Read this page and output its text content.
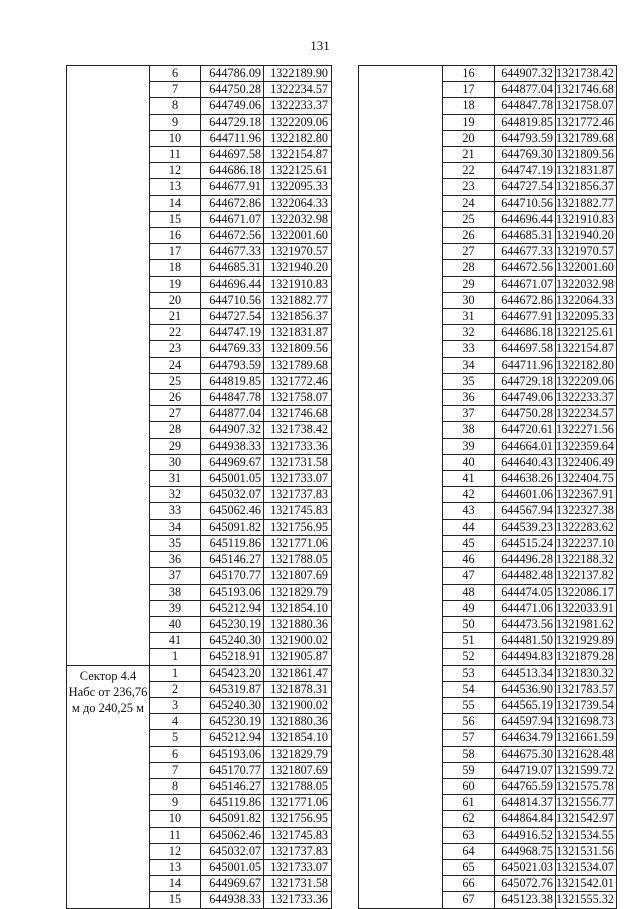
131
	6	644786.09	1322189.90
	7	644750.28	1322234.57
	8	644749.06	1322233.37
	9	644729.18	1322209.06
	10	644711.96	1322182.80
	11	644697.58	1322154.87
	12	644686.18	1322125.61
	13	644677.91	1322095.33
	14	644672.86	1322064.33
	15	644671.07	1322032.98
	16	644672.56	1322001.60
	17	644677.33	1321970.57
	18	644685.31	1321940.20
	19	644696.44	1321910.83
	20	644710.56	1321882.77
	21	644727.54	1321856.37
	22	644747.19	1321831.87
	23	644769.33	1321809.56
	24	644793.59	1321789.68
	25	644819.85	1321772.46
	26	644847.78	1321758.07
	27	644877.04	1321746.68
	28	644907.32	1321738.42
	29	644938.33	1321733.36
	30	644969.67	1321731.58
	31	645001.05	1321733.07
	32	645032.07	1321737.83
	33	645062.46	1321745.83
	34	645091.82	1321756.95
	35	645119.86	1321771.06
	36	645146.27	1321788.05
	37	645170.77	1321807.69
	38	645193.06	1321829.79
	39	645212.94	1321854.10
	40	645230.19	1321880.36
	41	645240.30	1321900.02
	1	645218.91	1321905.87
Сектор 4.4 Набс от 236,76 м до 240,25 м	1	645423.20	1321861.47
	2	645319.87	1321878.31
	3	645240.30	1321900.02
	4	645230.19	1321880.36
	5	645212.94	1321854.10
	6	645193.06	1321829.79
	7	645170.77	1321807.69
	8	645146.27	1321788.05
	9	645119.86	1321771.06
	10	645091.82	1321756.95
	11	645062.46	1321745.83
	12	645032.07	1321737.83
	13	645001.05	1321733.07
	14	644969.67	1321731.58
	15	644938.33	1321733.36
	16	644907.32	1321738.42
	17	644877.04	1321746.68
	18	644847.78	1321758.07
	19	644819.85	1321772.46
	20	644793.59	1321789.68
	21	644769.30	1321809.56
	22	644747.19	1321831.87
	23	644727.54	1321856.37
	24	644710.56	1321882.77
	25	644696.44	1321910.83
	26	644685.31	1321940.20
	27	644677.33	1321970.57
	28	644672.56	1322001.60
	29	644671.07	1322032.98
	30	644672.86	1322064.33
	31	644677.91	1322095.33
	32	644686.18	1322125.61
	33	644697.58	1322154.87
	34	644711.96	1322182.80
	35	644729.18	1322209.06
	36	644749.06	1322233.37
	37	644750.28	1322234.57
	38	644720.61	1322271.56
	39	644664.01	1322359.64
	40	644640.43	1322406.49
	41	644638.26	1322404.75
	42	644601.06	1322367.91
	43	644567.94	1322327.38
	44	644539.23	1322283.62
	45	644515.24	1322237.10
	46	644496.28	1322188.32
	47	644482.48	1322137.82
	48	644474.05	1322086.17
	49	644471.06	1322033.91
	50	644473.56	1321981.62
	51	644481.50	1321929.89
	52	644494.83	1321879.28
	53	644513.34	1321830.32
	54	644536.90	1321783.57
	55	644565.19	1321739.54
	56	644597.94	1321698.73
	57	644634.79	1321661.59
	58	644675.30	1321628.48
	59	644719.07	1321599.72
	60	644765.59	1321575.78
	61	644814.37	1321556.77
	62	644864.84	1321542.97
	63	644916.52	1321534.55
	64	644968.75	1321531.56
	65	645021.03	1321534.07
	66	645072.76	1321542.01
	67	645123.38	1321555.32
